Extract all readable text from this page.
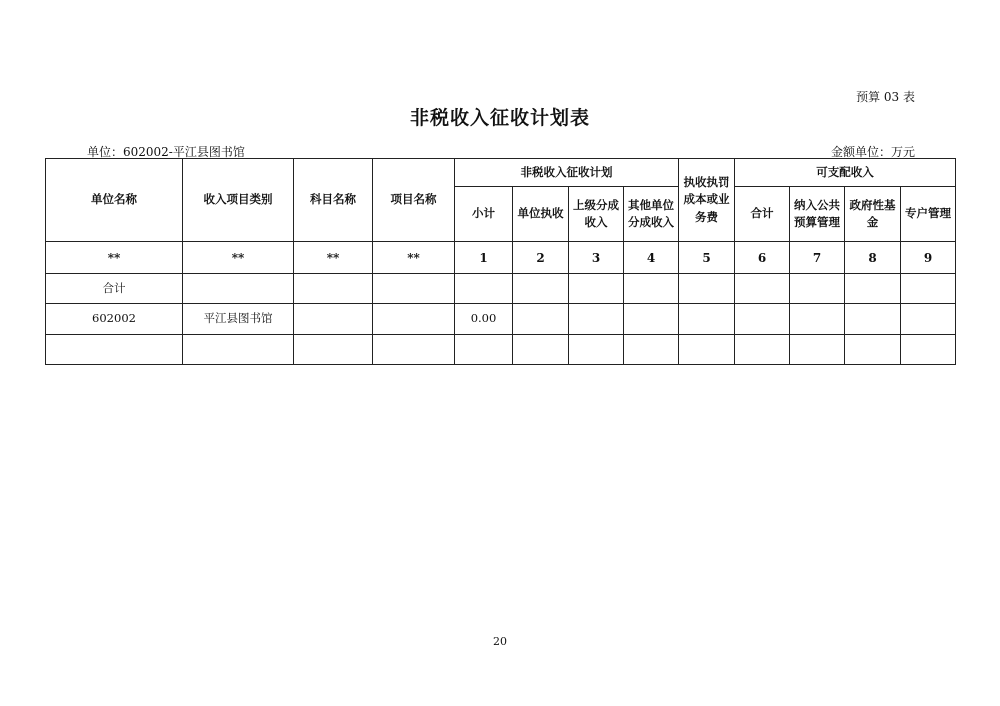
预算 03 表
非税收入征收计划表
单位：602002-平江县图书馆	金额单位：万元
单位名称	收入项目类别	科目名称	项目名称	非税收入征收计划				执收执罚成本或业务费	可支配收入			
				小计	单位执收	上级分成收入	其他单位分成收入		合计	纳入公共预算管理	政府性基金	专户管理
**	**	**	**	1	2	3	4	5	6	7	8	9
合计												
602002	平江县图书馆			0.00								

20
